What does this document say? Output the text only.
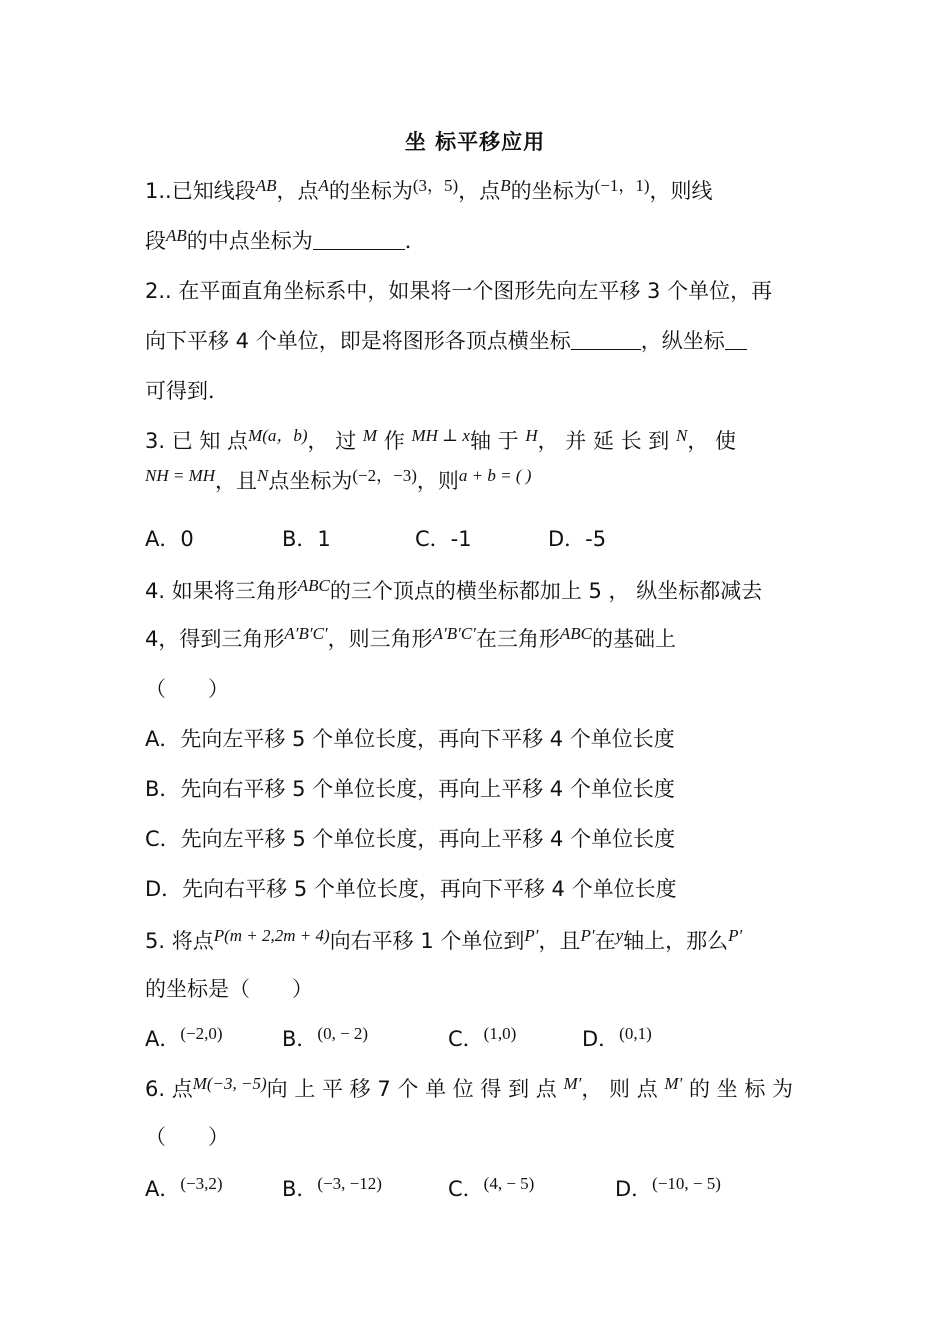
坐 标平移应用
1..已知线段$^{AB}$，点$^A$的坐标为$^{(3,5)}$，点$^B$的坐标为$^{(-1,1)}$，则线
段$^{AB}$的中点坐标为	．
2.. 在平面直角坐标系中，如果将一个图形先向左平移 3 个单位，再
向下平移 4 个单位，即是将图形各顶点横坐标	，纵坐标
可得到．
3. 已 知 点$^{M(a,b)}$， 过 $^M$ 作 $^{MH \perp x}$轴 于 $^H$， 并 延 长 到 $^N$， 使
$^{NH = MH}$，且$^N$点坐标为$^{(-2,-3)}$，则$^{a + b = ( )}$
A．0	B．1	C．-1	D．-5
4. 如果将三角形$^{ABC}$的三个顶点的横坐标都加上 5 ， 纵坐标都减去
4，得到三角形$^{A'B'C'}$，则三角形$^{A'B'C'}$在三角形$^{ABC}$的基础上
（　　）
A．先向左平移 5 个单位长度，再向下平移 4 个单位长度
B．先向右平移 5 个单位长度，再向上平移 4 个单位长度
C．先向左平移 5 个单位长度，再向上平移 4 个单位长度
D．先向右平移 5 个单位长度，再向下平移 4 个单位长度
5. 将点$^{P(m + 2,2m + 4)}$向右平移 1 个单位到$^{P'}$，且$^{P'}$在$^y$轴上，那么$^{P'}$
的坐标是（　　）
A．$^{(-2,0)}$	B．$^{(0, - 2)}$	C．$^{(1,0)}$	D．$^{(0,1)}$
6. 点$^{M(-3, -5)}$向 上 平 移 7 个 单 位 得 到 点 $^{M'}$， 则 点 $^{M'}$ 的 坐 标 为
（　　）
A．$^{(-3,2)}$	B．$^{(-3, -12)}$	C．$^{(4, - 5)}$	D．$^{(-10, - 5)}$
